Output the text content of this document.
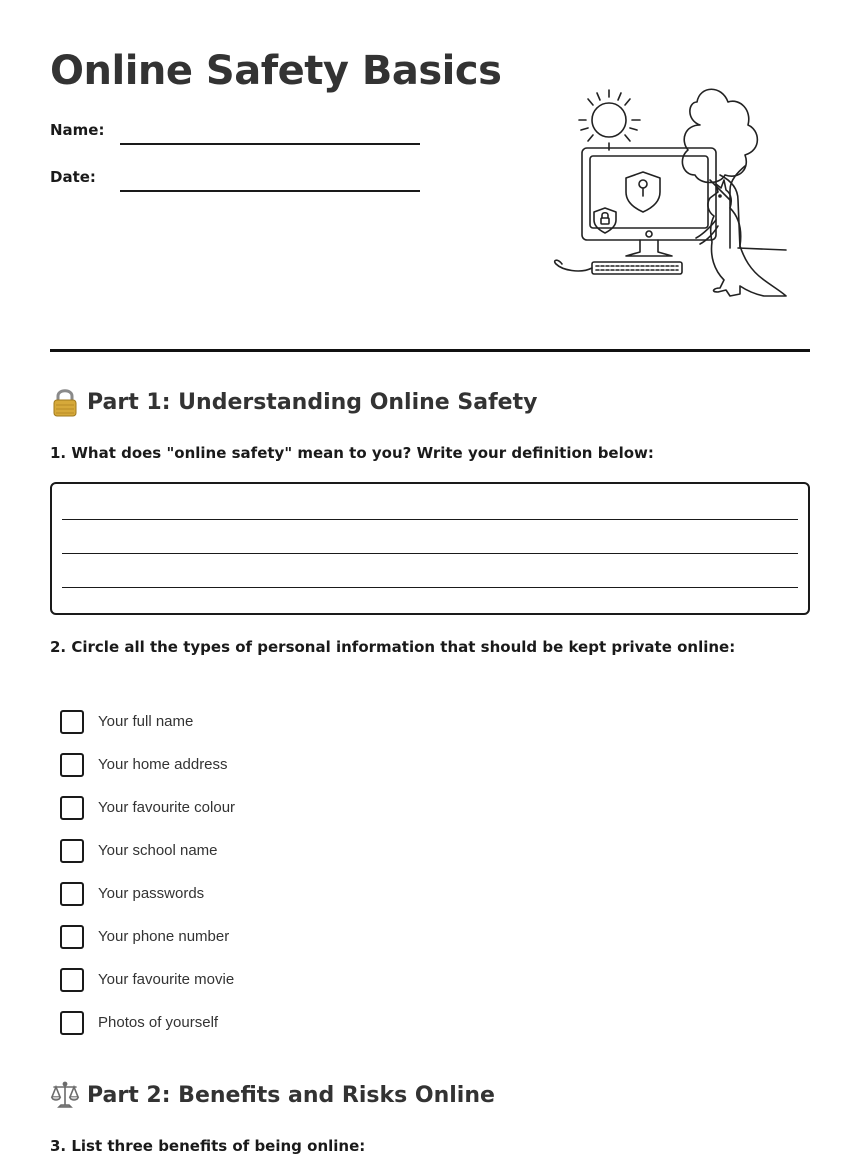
Online Safety Basics
Name:
Date:
Part 1: Understanding Online Safety
1. What does "online safety" mean to you? Write your definition below:
2. Circle all the types of personal information that should be kept private online:
Your full name
Your home address
Your favourite colour
Your school name
Your passwords
Your phone number
Your favourite movie
Photos of yourself
Part 2: Benefits and Risks Online
3. List three benefits of being online:
